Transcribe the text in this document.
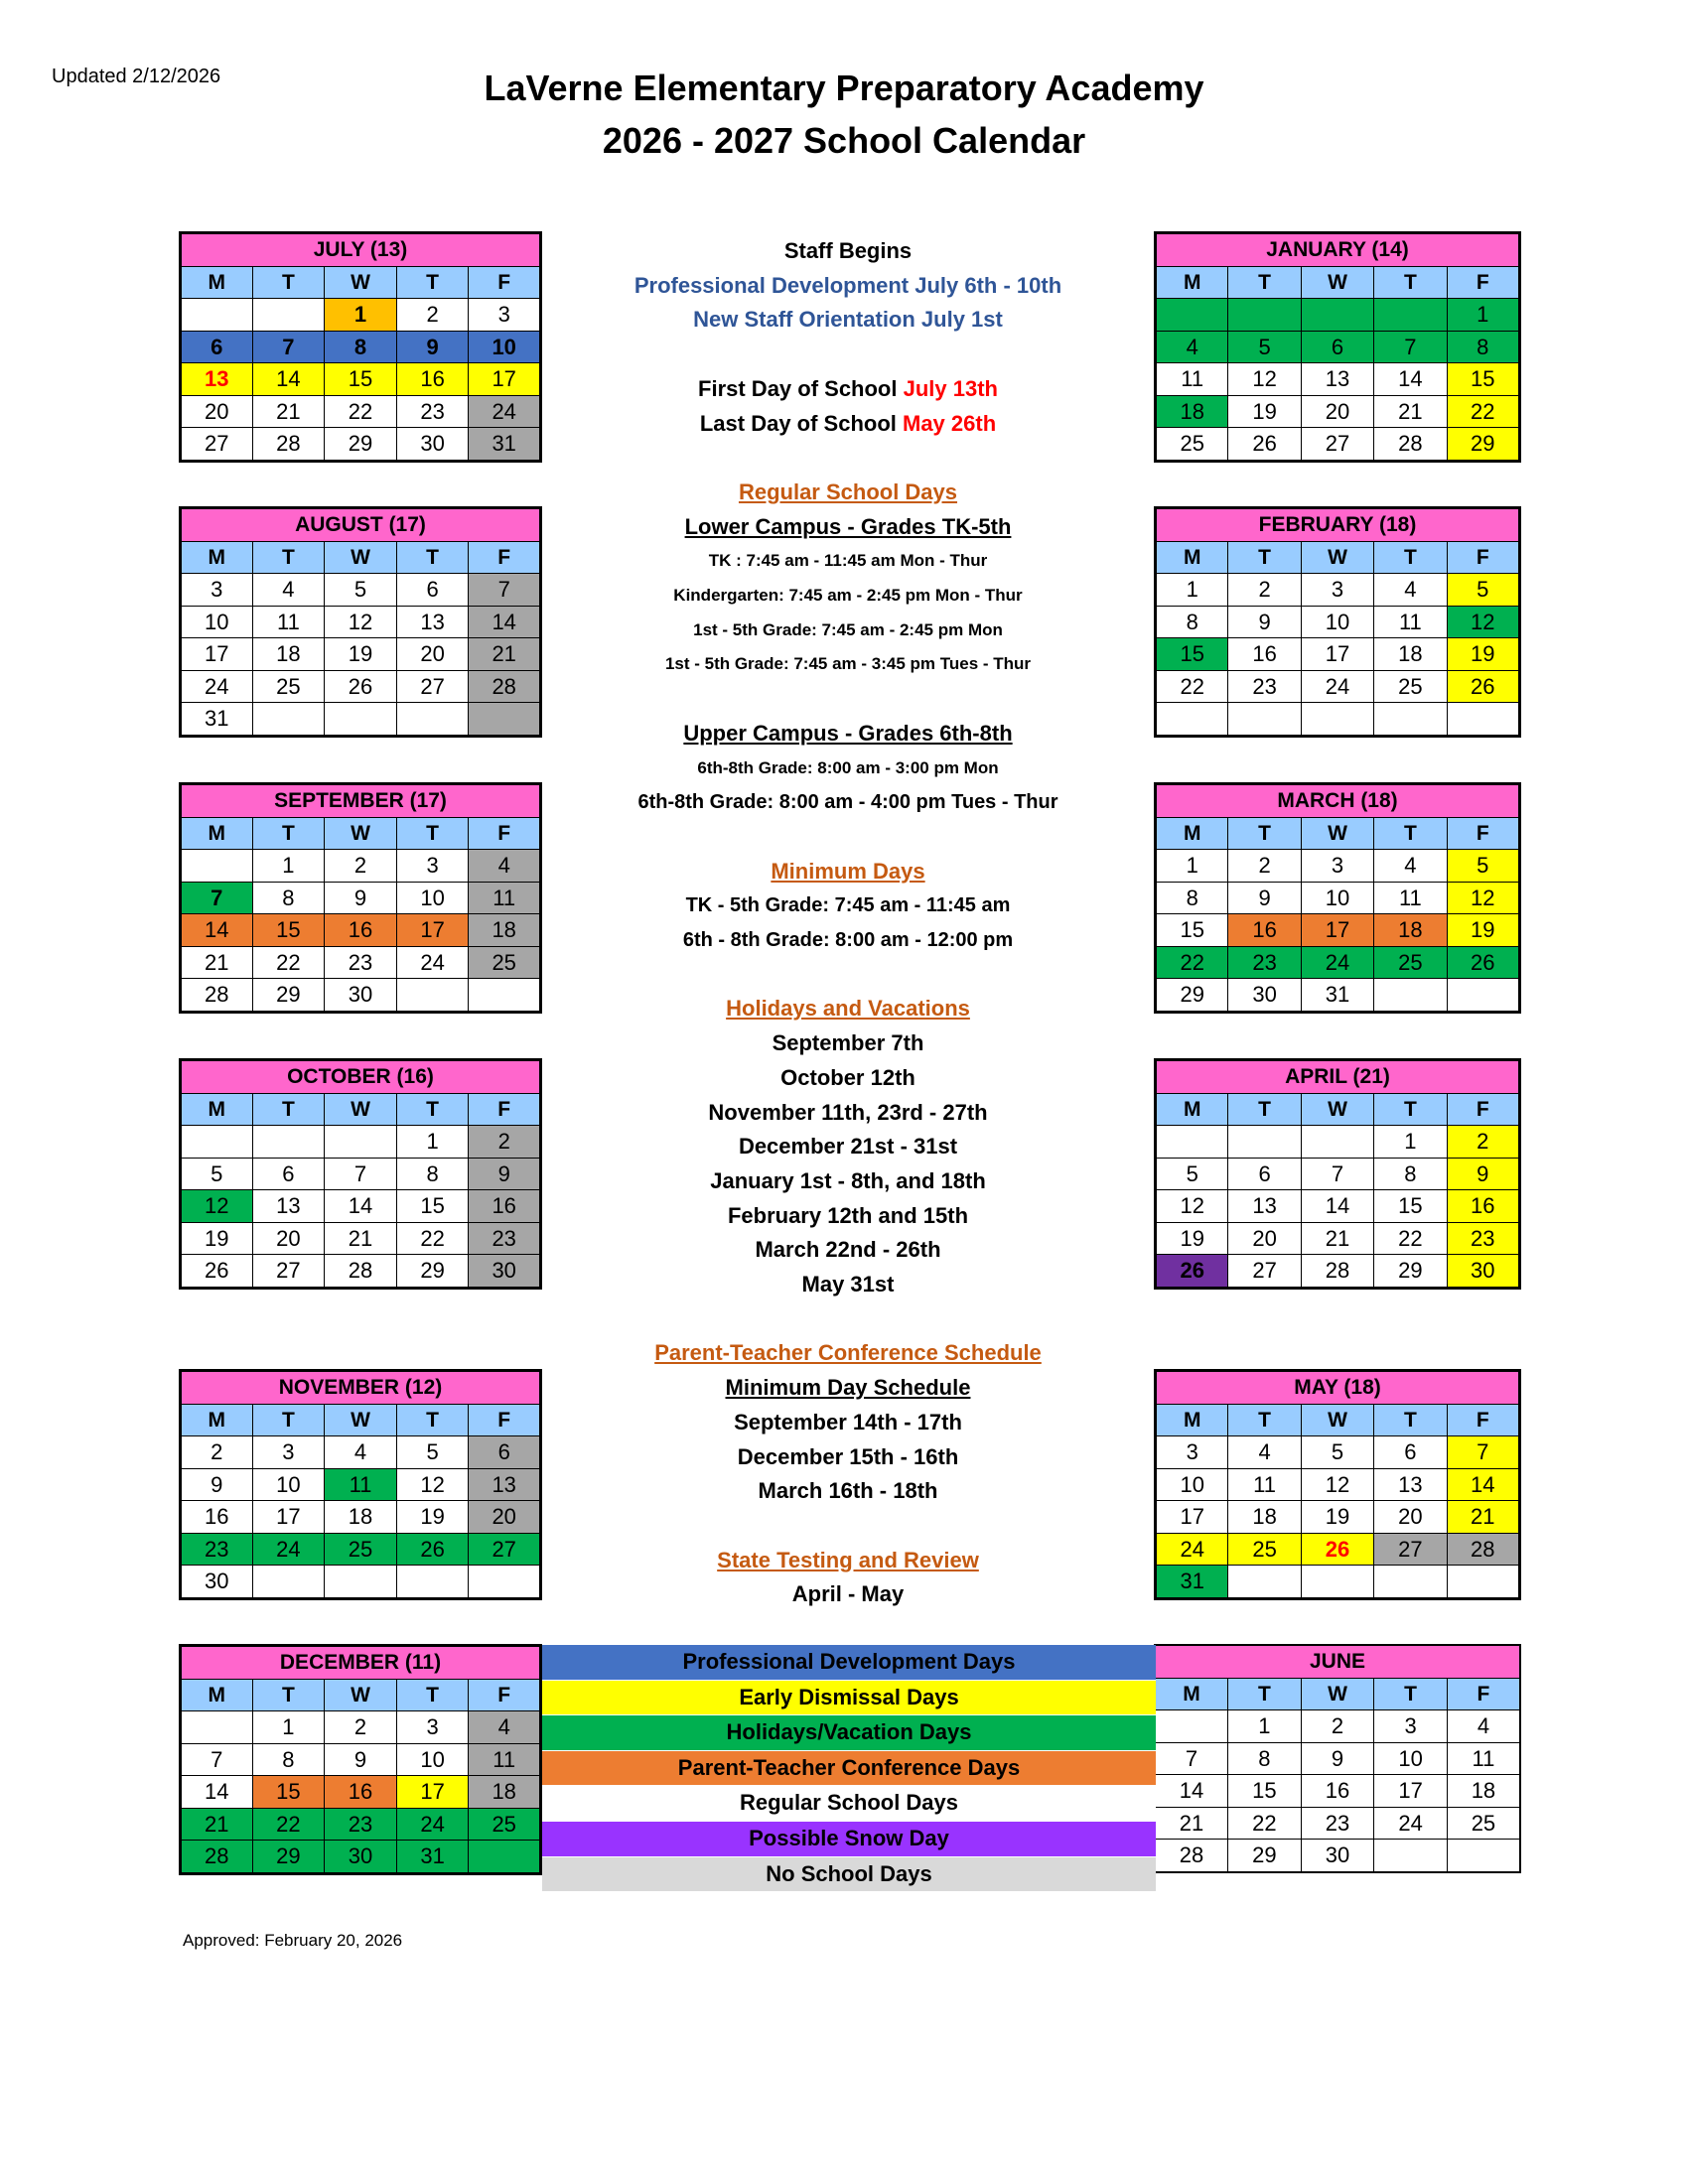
Updated 2/12/2026	LaVerne Elementary Preparatory Academy
2026 - 2027 School Calendar
JULY (13)				
M	T	W	T	F
		1	2	3
6	7	8	9	10
13	14	15	16	17
20	21	22	23	24
27	28	29	30	31
AUGUST (17)				
M	T	W	T	F
3	4	5	6	7
10	11	12	13	14
17	18	19	20	21
24	25	26	27	28
31				
SEPTEMBER (17)				
M	T	W	T	F
	1	2	3	4
7	8	9	10	11
14	15	16	17	18
21	22	23	24	25
28	29	30		
OCTOBER (16)				
M	T	W	T	F
			1	2
5	6	7	8	9
12	13	14	15	16
19	20	21	22	23
26	27	28	29	30
NOVEMBER (12)				
M	T	W	T	F
2	3	4	5	6
9	10	11	12	13
16	17	18	19	20
23	24	25	26	27
30				
DECEMBER (11)				
M	T	W	T	F
	1	2	3	4
7	8	9	10	11
14	15	16	17	18
21	22	23	24	25
28	29	30	31	
JANUARY (14)				
M	T	W	T	F
				1
4	5	6	7	8
11	12	13	14	15
18	19	20	21	22
25	26	27	28	29
FEBRUARY (18)				
M	T	W	T	F
1	2	3	4	5
8	9	10	11	12
15	16	17	18	19
22	23	24	25	26

MARCH (18)				
M	T	W	T	F
1	2	3	4	5
8	9	10	11	12
15	16	17	18	19
22	23	24	25	26
29	30	31		
APRIL (21)				
M	T	W	T	F
			1	2
5	6	7	8	9
12	13	14	15	16
19	20	21	22	23
26	27	28	29	30
MAY (18)				
M	T	W	T	F
3	4	5	6	7
10	11	12	13	14
17	18	19	20	21
24	25	26	27	28
31				
JUNE				
M	T	W	T	F
	1	2	3	4
7	8	9	10	11
14	15	16	17	18
21	22	23	24	25
28	29	30		
Staff Begins
Professional Development July 6th - 10th
New Staff Orientation July 1st
First Day of School July 13th
Last Day of School May 26th
Regular School Days
Lower Campus - Grades TK-5th
TK : 7:45 am - 11:45 am Mon - Thur
Kindergarten: 7:45 am - 2:45 pm Mon - Thur
1st - 5th Grade: 7:45 am - 2:45 pm Mon
1st - 5th Grade: 7:45 am - 3:45 pm Tues - Thur
Upper Campus - Grades 6th-8th
6th-8th Grade: 8:00 am - 3:00 pm Mon
6th-8th Grade: 8:00 am - 4:00 pm Tues - Thur
Minimum Days
TK - 5th Grade: 7:45 am - 11:45 am
6th - 8th Grade: 8:00 am - 12:00 pm
Holidays and Vacations
September 7th
October 12th
November 11th, 23rd - 27th
December 21st - 31st
January 1st - 8th, and 18th
February 12th and 15th
March 22nd - 26th
May 31st
Parent-Teacher Conference Schedule
Minimum Day Schedule
September 14th - 17th
December 15th - 16th
March 16th - 18th
State Testing and Review
April - May
Professional Development Days
Early Dismissal Days
Holidays/Vacation Days
Parent-Teacher Conference Days
Regular School Days
Possible Snow Day
No School Days
Approved: February 20, 2026
